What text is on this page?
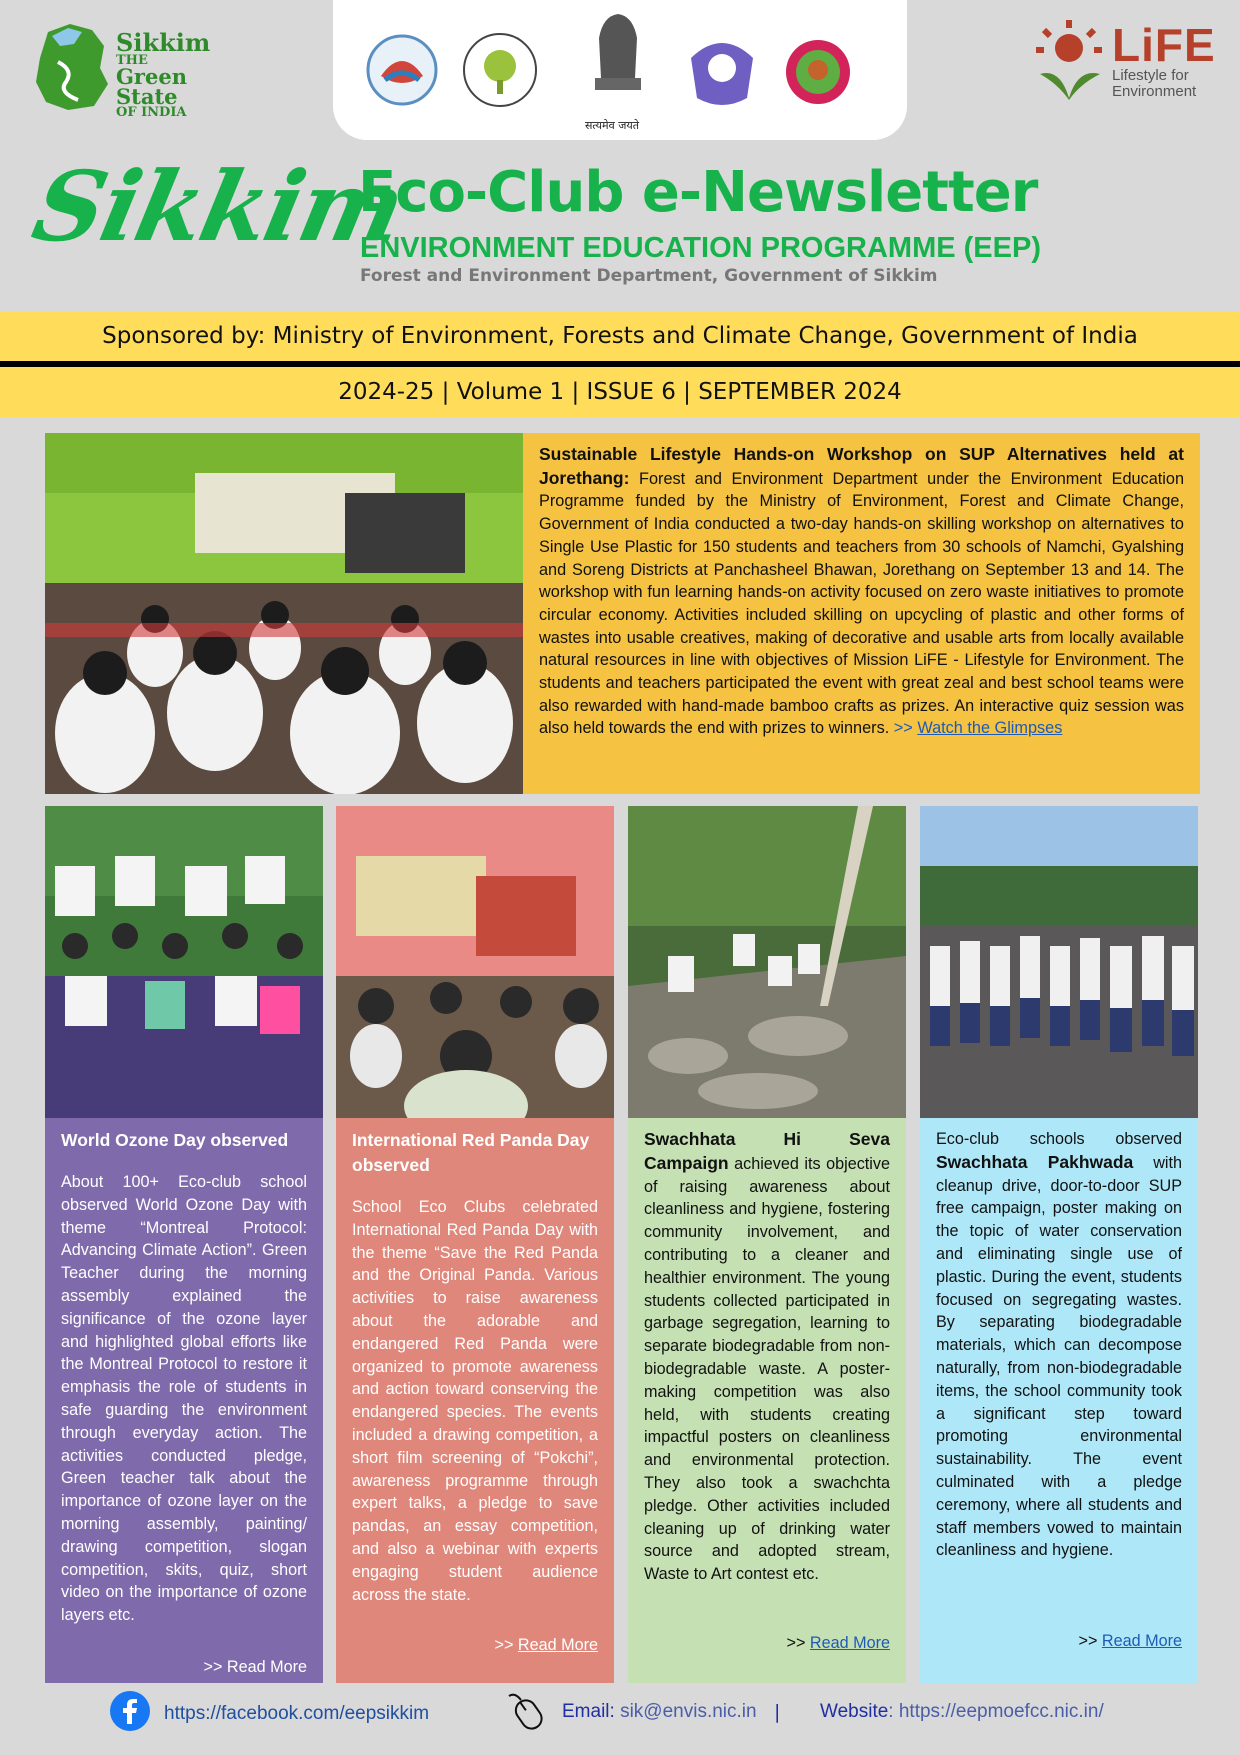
Sikkim
THE
Green State
OF INDIA
सत्यमेव जयते
LiFE
Lifestyle for
Environment
Sikkim
Eco-Club e-Newsletter
ENVIRONMENT EDUCATION PROGRAMME (EEP)
Forest and Environment Department, Government of Sikkim
Sponsored by: Ministry of Environment, Forests and Climate Change, Government of India
2024-25 | Volume 1 | ISSUE 6 | SEPTEMBER 2024
Sustainable Lifestyle Hands-on Workshop on SUP Alternatives held at Jorethang: Forest and Environment Department under the Environment Education Programme funded by the Ministry of Environment, Forest and Climate Change, Government of India conducted a two-day hands-on skilling workshop on alternatives to Single Use Plastic for 150 students and teachers from 30 schools of Namchi, Gyalshing and Soreng Districts at Panchasheel Bhawan, Jorethang on September 13 and 14. The workshop with fun learning hands-on activity focused on zero waste initiatives to promote circular economy. Activities included skilling on upcycling of plastic and other forms of wastes into usable creatives, making of decorative and usable arts from locally available natural resources in line with objectives of Mission LiFE - Lifestyle for Environment. The students and teachers participated the event with great zeal and best school teams were also rewarded with hand-made bamboo crafts as prizes. An interactive quiz session was also held towards the end with prizes to winners. >> Watch the Glimpses
World Ozone Day observed
About 100+ Eco-club school observed World Ozone Day with theme “Montreal Protocol: Advancing Climate Action”. Green Teacher during the morning assembly explained the significance of the ozone layer and highlighted global efforts like the Montreal Protocol to restore it emphasis the role of students in safe guarding the environment through everyday action. The activities conducted pledge, Green teacher talk about the importance of ozone layer on the morning assembly, painting/ drawing competition, slogan competition, skits, quiz, short video on the importance of ozone layers etc.
>> Read More
International Red Panda Day observed
School Eco Clubs celebrated International Red Panda Day with the theme “Save the Red Panda and the Original Panda. Various activities to raise awareness about the adorable and endangered Red Panda were organized to promote awareness and action toward conserving the endangered species. The events included a drawing competition, a short film screening of “Pokchi”, awareness programme through expert talks, a pledge to save pandas, an essay competition, and also a webinar with experts engaging student audience across the state.
>> Read More
Swachhata Hi Seva Campaign achieved its objective of raising awareness about cleanliness and hygiene, fostering community involvement, and contributing to a cleaner and healthier environment. The young students collected participated in garbage segregation, learning to separate biodegradable from non-biodegradable waste. A poster-making competition was also held, with students creating impactful posters on cleanliness and environmental protection. They also took a swachchta pledge. Other activities included cleaning up of drinking water source and adopted stream, Waste to Art contest etc.
>> Read More
Eco-club schools observed Swachhata Pakhwada with cleanup drive, door-to-door SUP free campaign, poster making on the topic of water conservation and eliminating single use of plastic. During the event, students focused on segregating wastes. By separating biodegradable materials, which can decompose naturally, from non-biodegradable items, the school community took a significant step toward promoting environmental sustainability. The event culminated with a pledge ceremony, where all students and staff members vowed to maintain cleanliness and hygiene.
>> Read More
https://facebook.com/eepsikkim	Email: sik@envis.nic.in | Website: https://eepmoefcc.nic.in/
